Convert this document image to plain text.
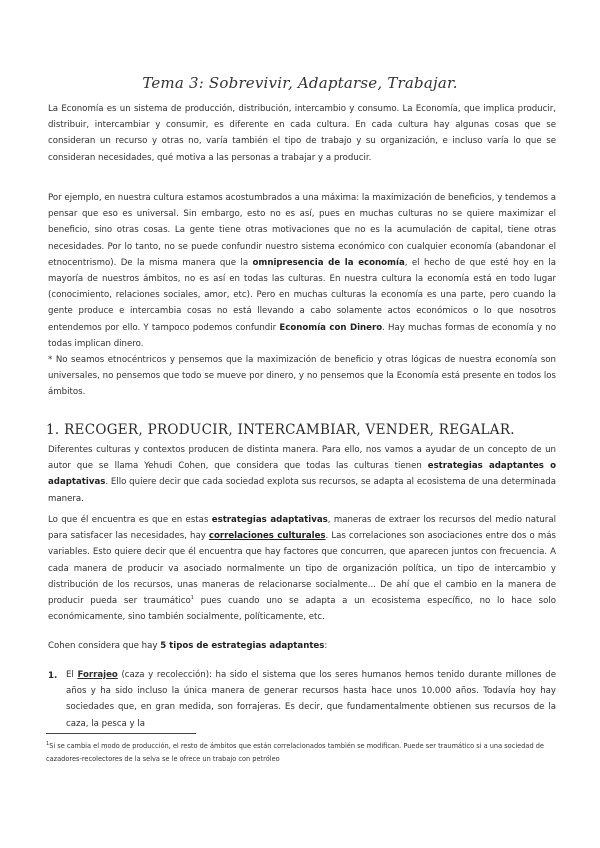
Tema 3: Sobrevivir, Adaptarse, Trabajar.
La Economía es un sistema de producción, distribución, intercambio y consumo. La Economía, que implica producir, distribuir, intercambiar y consumir, es diferente en cada cultura. En cada cultura hay algunas cosas que se consideran un recurso y otras no, varía también el tipo de trabajo y su organización, e incluso varía lo que se consideran necesidades, qué motiva a las personas a trabajar y a producir.
Por ejemplo, en nuestra cultura estamos acostumbrados a una máxima: la maximización de beneficios, y tendemos a pensar que eso es universal. Sin embargo, esto no es así, pues en muchas culturas no se quiere maximizar el beneficio, sino otras cosas. La gente tiene otras motivaciones que no es la acumulación de capital, tiene otras necesidades. Por lo tanto, no se puede confundir nuestro sistema económico con cualquier economía (abandonar el etnocentrismo). De la misma manera que la omnipresencia de la economía, el hecho de que esté hoy en la mayoría de nuestros ámbitos, no es así en todas las culturas. En nuestra cultura la economía está en todo lugar (conocimiento, relaciones sociales, amor, etc). Pero en muchas culturas la economía es una parte, pero cuando la gente produce e intercambia cosas no está llevando a cabo solamente actos económicos o lo que nosotros entendemos por ello. Y tampoco podemos confundir Economía con Dinero. Hay muchas formas de economía y no todas implican dinero.
* No seamos etnocéntricos y pensemos que la maximización de beneficio y otras lógicas de nuestra economía son universales, no pensemos que todo se mueve por dinero, y no pensemos que la Economía está presente en todos los ámbitos.
1. RECOGER, PRODUCIR, INTERCAMBIAR, VENDER, REGALAR.
Diferentes culturas y contextos producen de distinta manera. Para ello, nos vamos a ayudar de un concepto de un autor que se llama Yehudi Cohen, que considera que todas las culturas tienen estrategias adaptantes o adaptativas. Ello quiere decir que cada sociedad explota sus recursos, se adapta al ecosistema de una determinada manera.
Lo que él encuentra es que en estas estrategias adaptativas, maneras de extraer los recursos del medio natural para satisfacer las necesidades, hay correlaciones culturales. Las correlaciones son asociaciones entre dos o más variables. Esto quiere decir que él encuentra que hay factores que concurren, que aparecen juntos con frecuencia. A cada manera de producir va asociado normalmente un tipo de organización política, un tipo de intercambio y distribución de los recursos, unas maneras de relacionarse socialmente... De ahí que el cambio en la manera de producir pueda ser traumático$^1$ pues cuando uno se adapta a un ecosistema específico, no lo hace solo económicamente, sino también socialmente, políticamente, etc.
Cohen considera que hay 5 tipos de estrategias adaptantes:
1. El Forrajeo (caza y recolección): ha sido el sistema que los seres humanos hemos tenido durante millones de años y ha sido incluso la única manera de generar recursos hasta hace unos 10.000 años. Todavía hoy hay sociedades que, en gran medida, son forrajeras. Es decir, que fundamentalmente obtienen sus recursos de la caza, la pesca y la
$^1$Si se cambia el modo de producción, el resto de ámbitos que están correlacionados también se modifican. Puede ser traumático si a una sociedad de cazadores-recolectores de la selva se le ofrece un trabajo con petróleo
